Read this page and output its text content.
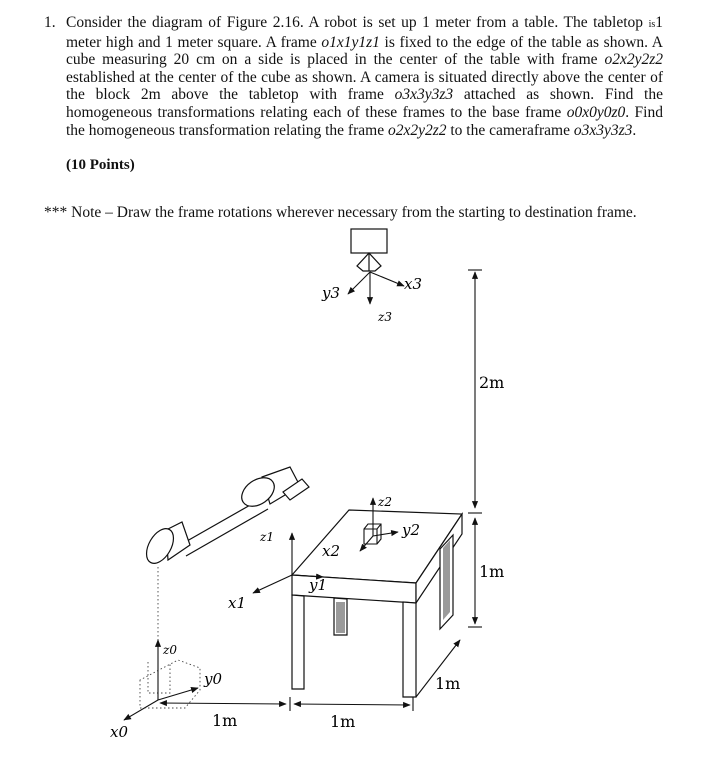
1. Consider the diagram of Figure 2.16. A robot is set up 1 meter from a table. The tabletop is1 meter high and 1 meter square. A frame o1x1y1z1 is fixed to the edge of the table as shown. A cube measuring 20 cm on a side is placed in the center of the table with frame o2x2y2z2 established at the center of the cube as shown. A camera is situated directly above the center of the block 2m above the tabletop with frame o3x3y3z3 attached as shown. Find the homogeneous transformations relating each of these frames to the base frame o0x0y0z0. Find the homogeneous transformation relating the frame o2x2y2z2 to the cameraframe o3x3y3z3.
(10 Points)
*** Note – Draw the frame rotations wherever necessary from the starting to destination frame.
x3
y3
z3
2m
z2
y2
x2
1m
z1
y1
x1
z0
y0	1m
x0
1m	1m
